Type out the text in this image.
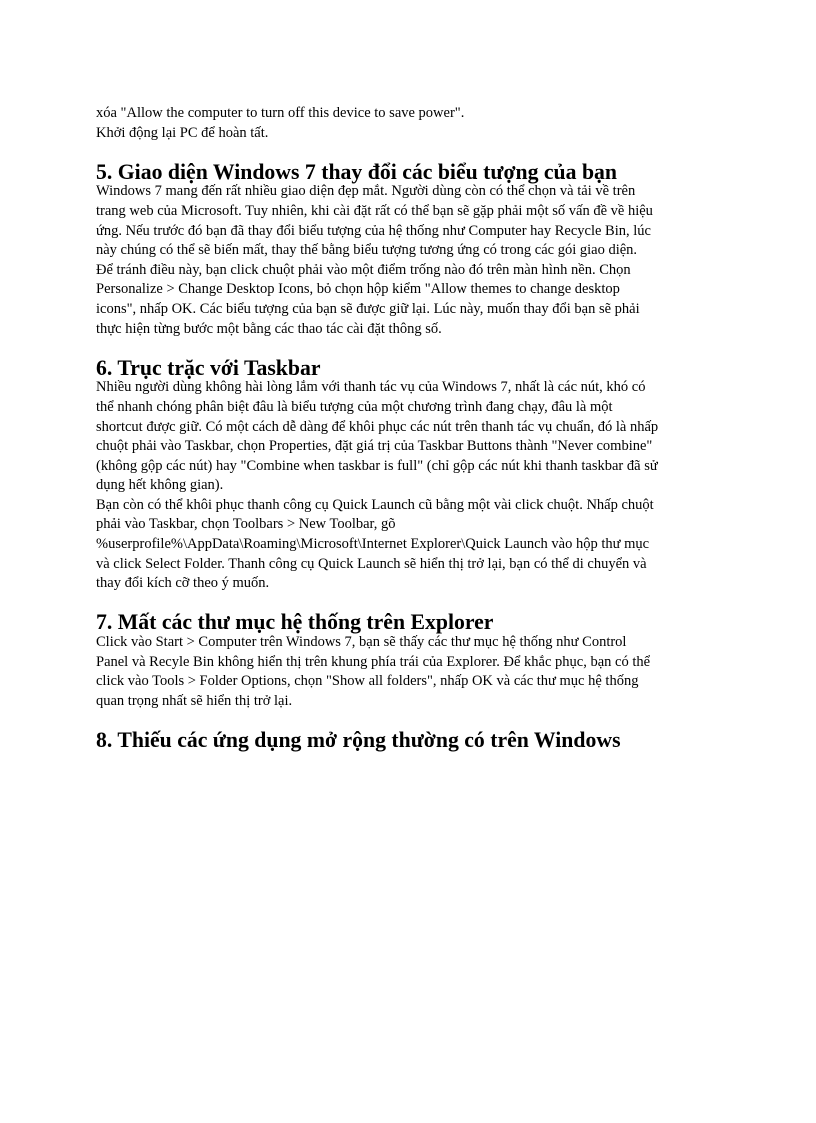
xóa "Allow the computer to turn off this device to save power".
Khởi động lại PC để hoàn tất.

5. Giao diện Windows 7 thay đổi các biểu tượng của bạn

Windows 7 mang đến rất nhiều giao diện đẹp mắt. Người dùng còn có thể chọn và tải về trên
trang web của Microsoft. Tuy nhiên, khi cài đặt rất có thể bạn sẽ gặp phải một số vấn đề về hiệu
ứng. Nếu trước đó bạn đã thay đổi biểu tượng của hệ thống như Computer hay Recycle Bin, lúc
này chúng có thể sẽ biến mất, thay thế bằng biểu tượng tương ứng có trong các gói giao diện.
Để tránh điều này, bạn click chuột phải vào một điểm trống nào đó trên màn hình nền. Chọn
Personalize > Change Desktop Icons, bỏ chọn hộp kiểm "Allow themes to change desktop
icons", nhấp OK. Các biểu tượng của bạn sẽ được giữ lại. Lúc này, muốn thay đổi bạn sẽ phải
thực hiện từng bước một bằng các thao tác cài đặt thông số.

6. Trục trặc với Taskbar

Nhiều người dùng không hài lòng lắm với thanh tác vụ của Windows 7, nhất là các nút, khó có
thể nhanh chóng phân biệt đâu là biểu tượng của một chương trình đang chạy, đâu là một
shortcut được giữ. Có một cách dễ dàng để khôi phục các nút trên thanh tác vụ chuẩn, đó là nhấp
chuột phải vào Taskbar, chọn Properties, đặt giá trị của Taskbar Buttons thành "Never combine"
(không gộp các nút) hay "Combine when taskbar is full" (chỉ gộp các nút khi thanh taskbar đã sử
dụng hết không gian).

Bạn còn có thể khôi phục thanh công cụ Quick Launch cũ bằng một vài click chuột. Nhấp chuột
phải vào Taskbar, chọn Toolbars > New Toolbar, gõ
%userprofile%\AppData\Roaming\Microsoft\Internet Explorer\Quick Launch vào hộp thư mục
và click Select Folder. Thanh công cụ Quick Launch sẽ hiển thị trở lại, bạn có thể di chuyển và
thay đổi kích cỡ theo ý muốn.

7. Mất các thư mục hệ thống trên Explorer

Click vào Start > Computer trên Windows 7, bạn sẽ thấy các thư mục hệ thống như Control
Panel và Recyle Bin không hiển thị trên khung phía trái của Explorer. Để khắc phục, bạn có thể
click vào Tools > Folder Options, chọn "Show all folders", nhấp OK và các thư mục hệ thống
quan trọng nhất sẽ hiển thị trở lại.

8. Thiếu các ứng dụng mở rộng thường có trên Windows
